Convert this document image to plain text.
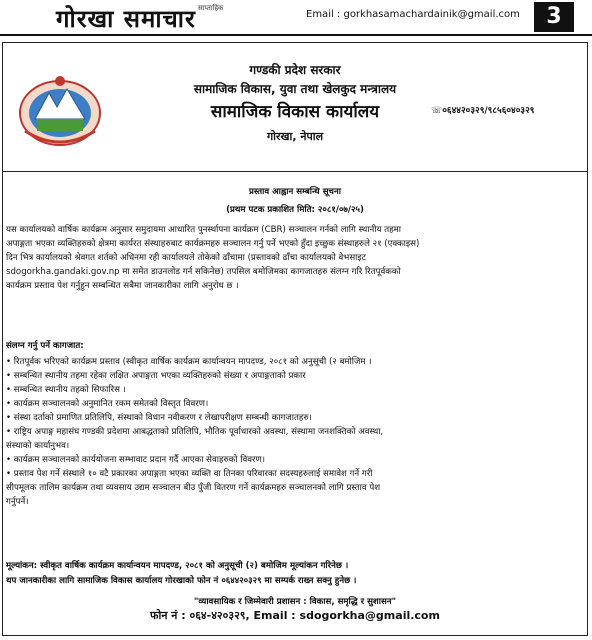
गोरखा समाचार साप्ताहिक
Email : gorkhasamachardainik@gmail.com	3
गण्डकी प्रदेश सरकार
सामाजिक विकास, युवा तथा खेलकुद मन्त्रालय
सामाजिक विकास कार्यालय
गोरखा, नेपाल
☏०६४४२०३२९/९८५६०४०३२९
प्रस्ताव आह्वान सम्बन्धि सूचना
(प्रथम पटक प्रकाशित मिति: २०८१/०७/२५)
यस कार्यालयको वार्षिक कार्यक्रम अनुसार समुदायमा आधारित पुनर्स्थापना कार्यक्रम (CBR) सञ्चालन गर्नको लागि स्थानीय तहमा
अपाङ्गता भएका व्यक्तिहरुको क्षेत्रमा कार्यरत संस्थाहरुबाट कार्यक्रमहरु सञ्चालन गर्नु पर्ने भएको हुँदा इच्छुक संस्थाहरुले २१ (एक्काइस)
दिन भित्र कार्यालयको श्रेवगत शर्तको अधिनमा रही कार्यालयले तोकेको ढाँचामा (प्रस्तावको ढाँचा कार्यालयको वेभसाइट
sdogorkha.gandaki.gov.np मा समेत डाउनलोड गर्न सकिनेछ) तपसिल बमोजिमका कागजातहरु संलग्न गरि रितपूर्वकको
कार्यक्रम प्रस्ताव पेश गर्नुहुन सम्बन्धित सबैमा जानकारीका लागि अनुरोध छ ।
संलग्न गर्नु पर्ने कागजात:
• रितपूर्वक भरिएको कार्यक्रम प्रस्ताव (स्वीकृत वार्षिक कार्यक्रम कार्यान्वयन मापदण्ड, २०८१ को अनुसूची (२ बमोजिम ।
• सम्बन्धित स्थानीय तहमा रहेका लक्षित अपाङ्गता भएका व्यक्तिहरुको संख्या र अपाङ्गताको प्रकार
• सम्बन्धित स्थानीय तहको सिफारिस ।
• कार्यक्रम सञ्चालनको अनुमानित रकम समेतको विस्तृत विवरण।
• संस्था दर्ताको प्रमाणित प्रतिलिपि, संस्थाको विधान नवीकरण र लेखापरीक्षण सम्बन्धी कागजातहरु।
• राष्ट्रिय अपाङ्ग महासंघ गण्डकी प्रदेशमा आबद्धताको प्रतिलिपि, भौतिक पूर्वाधारको अवस्था, संस्थामा जनशक्तिको अवस्था,
संस्थाको कार्यानुभव।
• कार्यक्रम सञ्चालनको कार्ययोजना सम्भावाट प्रदान गर्दै आएका सेवाहरुको विवरण।
• प्रस्ताव पेश गर्ने संस्थाले १० वटै प्रकारका अपाङ्गता भएका व्यक्ति वा तिनका परिवारका सदस्यहरुलाई समावेश गर्ने गरी
सीपमूलक तालिम कार्यक्रम तथा व्यवसाय उद्यम सञ्चालन बीउ पुँजी वितरण गर्ने कार्यक्रमहरु सञ्चालनको लागि प्रस्ताव पेश
गर्नुपर्ने।
मूल्यांकन: स्वीकृत वार्षिक कार्यक्रम कार्यान्वयन मापदण्ड, २०८१ को अनुसूची (२) बमोजिम मूल्यांकन गरिनेछ ।
थप जानकारीका लागि सामाजिक विकास कार्यालय गोरखाको फोन नं ०६४४२०३२९ मा सम्पर्क राख्न सक्नु हुनेछ ।
"व्यावसायिक र जिम्मेवारी प्रशासन : विकास, समृद्धि र सुशासन"
फोन नं : ०६४-४२०३२९, Email : sdogorkha@gmail.com
